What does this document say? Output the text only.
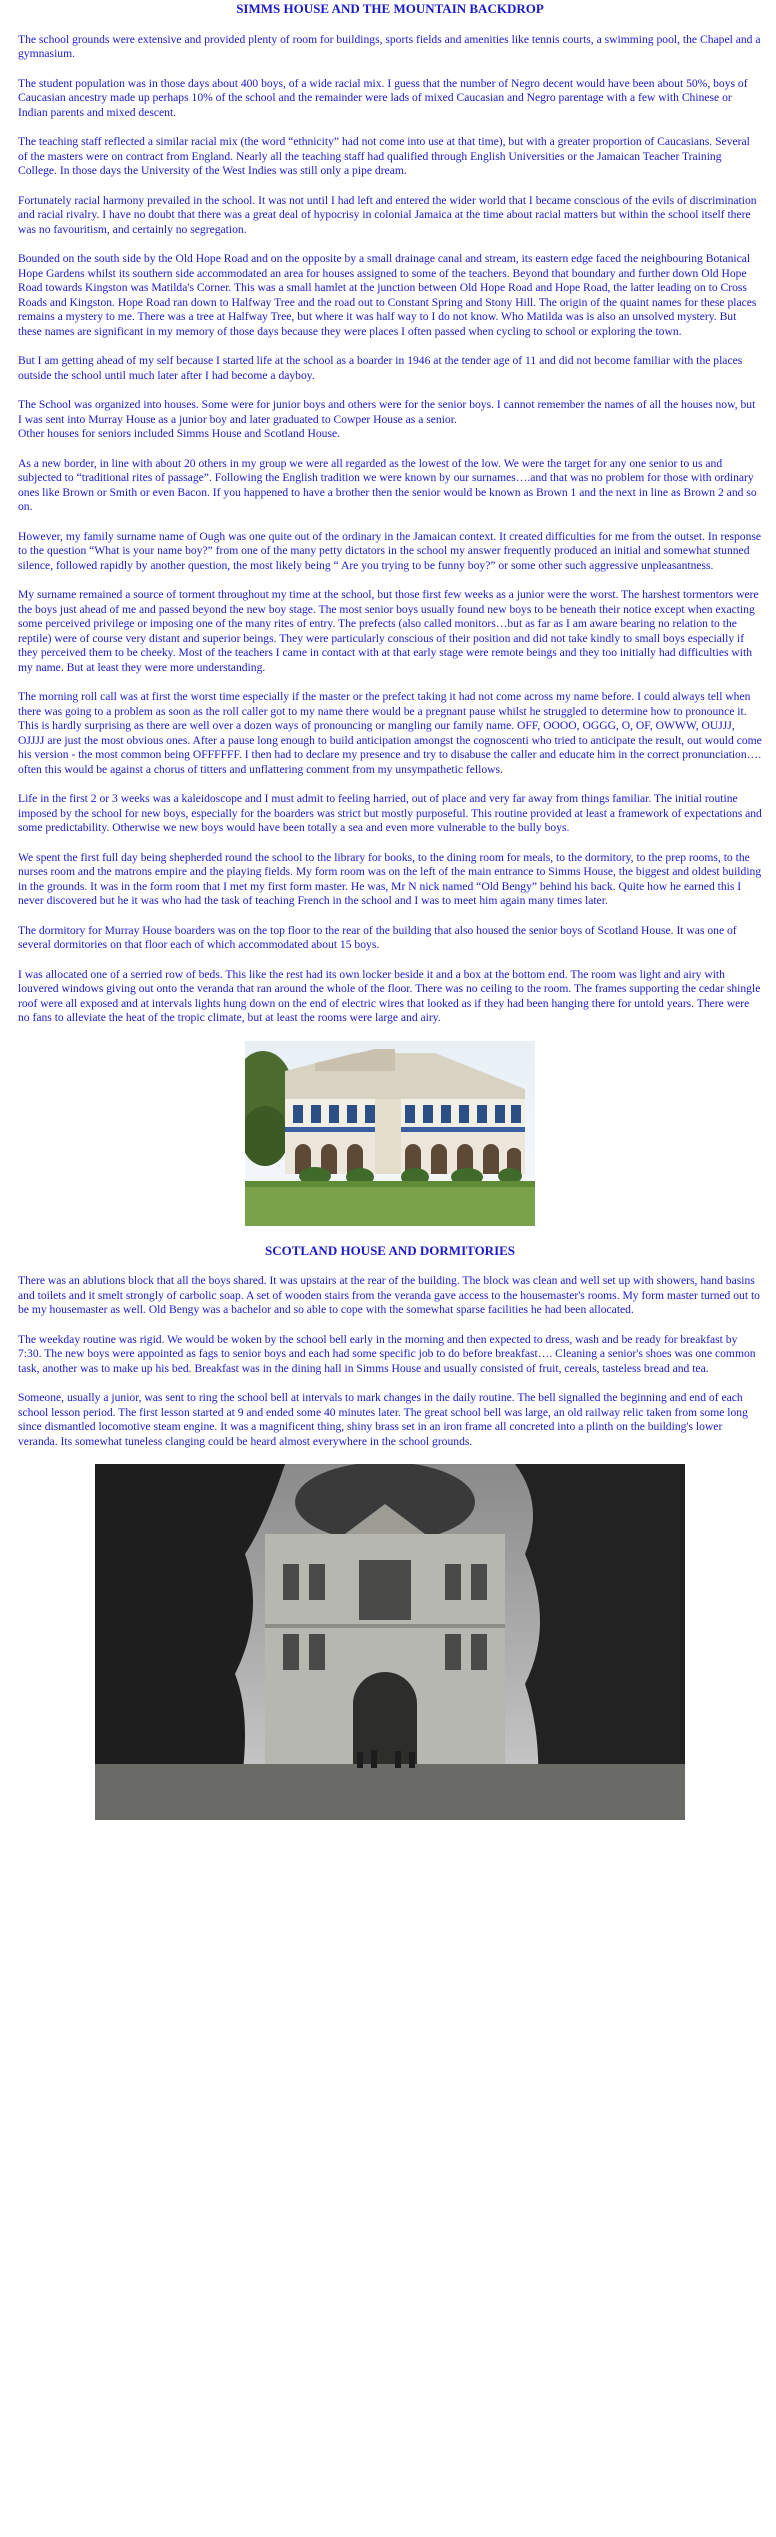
SIMMS HOUSE AND THE MOUNTAIN BACKDROP

The school grounds were extensive and provided plenty of room for buildings, sports fields and amenities like tennis courts, a swimming pool, the Chapel and a gymnasium.

The student population was in those days about 400 boys, of a wide racial mix. I guess that the number of Negro decent would have been about 50%, boys of Caucasian ancestry made up perhaps 10% of the school and the remainder were lads of mixed Caucasian and Negro parentage with a few with Chinese or Indian parents and mixed descent.

The teaching staff reflected a similar racial mix (the word “ethnicity” had not come into use at that time), but with a greater proportion of Caucasians. Several of the masters were on contract from England. Nearly all the teaching staff had qualified through English Universities or the Jamaican Teacher Training College. In those days the University of the West Indies was still only a pipe dream.

Fortunately racial harmony prevailed in the school. It was not until I had left and entered the wider world that I became conscious of the evils of discrimination and racial rivalry. I have no doubt that there was a great deal of hypocrisy in colonial Jamaica at the time about racial matters but within the school itself there was no favouritism, and certainly no segregation.

Bounded on the south side by the Old Hope Road and on the opposite by a small drainage canal and stream, its eastern edge faced the neighbouring Botanical Hope Gardens whilst its southern side accommodated an area for houses assigned to some of the teachers. Beyond that boundary and further down Old Hope Road towards Kingston was Matilda's Corner. This was a small hamlet at the junction between Old Hope Road and Hope Road, the latter leading on to Cross Roads and Kingston. Hope Road ran down to Halfway Tree and the road out to Constant Spring and Stony Hill. The origin of the quaint names for these places remains a mystery to me. There was a tree at Halfway Tree, but where it was half way to I do not know. Who Matilda was is also an unsolved mystery. But these names are significant in my memory of those days because they were places I often passed when cycling to school or exploring the town.

But I am getting ahead of my self because I started life at the school as a boarder in 1946 at the tender age of 11 and did not become familiar with the places outside the school until much later after I had become a dayboy.

The School was organized into houses. Some were for junior boys and others were for the senior boys. I cannot remember the names of all the houses now, but I was sent into Murray House as a junior boy and later graduated to Cowper House as a senior.
Other houses for seniors included Simms House and Scotland House.

As a new border, in line with about 20 others in my group we were all regarded as the lowest of the low. We were the target for any one senior to us and subjected to “traditional rites of passage”. Following the English tradition we were known by our surnames….and that was no problem for those with ordinary ones like Brown or Smith or even Bacon. If you happened to have a brother then the senior would be known as Brown 1 and the next in line as Brown 2 and so on.

However, my family surname name of Ough was one quite out of the ordinary in the Jamaican context. It created difficulties for me from the outset. In response to the question “What is your name boy?” from one of the many petty dictators in the school my answer frequently produced an initial and somewhat stunned silence, followed rapidly by another question, the most likely being “ Are you trying to be funny boy?” or some other such aggressive unpleasantness.

My surname remained a source of torment throughout my time at the school, but those first few weeks as a junior were the worst. The harshest tormentors were the boys just ahead of me and passed beyond the new boy stage. The most senior boys usually found new boys to be beneath their notice except when exacting some perceived privilege or imposing one of the many rites of entry. The prefects (also called monitors…but as far as I am aware bearing no relation to the reptile) were of course very distant and superior beings. They were particularly conscious of their position and did not take kindly to small boys especially if they perceived them to be cheeky. Most of the teachers I came in contact with at that early stage were remote beings and they too initially had difficulties with my name. But at least they were more understanding.

The morning roll call was at first the worst time especially if the master or the prefect taking it had not come across my name before. I could always tell when there was going to a problem as soon as the roll caller got to my name there would be a pregnant pause whilst he struggled to determine how to pronounce it. This is hardly surprising as there are well over a dozen ways of pronouncing or mangling our family name. OFF, OOOO, OGGG, O, OF, OWWW, OUJJJ, OJJJJ are just the most obvious ones. After a pause long enough to build anticipation amongst the cognoscenti who tried to anticipate the result, out would come his version - the most common being OFFFFFF. I then had to declare my presence and try to disabuse the caller and educate him in the correct pronunciation…. often this would be against a chorus of titters and unflattering comment from my unsympathetic fellows.

Life in the first 2 or 3 weeks was a kaleidoscope and I must admit to feeling harried, out of place and very far away from things familiar. The initial routine imposed by the school for new boys, especially for the boarders was strict but mostly purposeful. This routine provided at least a framework of expectations and some predictability. Otherwise we new boys would have been totally a sea and even more vulnerable to the bully boys.

We spent the first full day being shepherded round the school to the library for books, to the dining room for meals, to the dormitory, to the prep rooms, to the nurses room and the matrons empire and the playing fields. My form room was on the left of the main entrance to Simms House, the biggest and oldest building in the grounds. It was in the form room that I met my first form master. He was, Mr N nick named “Old Bengy” behind his back. Quite how he earned this I never discovered but he it was who had the task of teaching French in the school and I was to meet him again many times later.

The dormitory for Murray House boarders was on the top floor to the rear of the building that also housed the senior boys of Scotland House. It was one of several dormitories on that floor each of which accommodated about 15 boys.

I was allocated one of a serried row of beds. This like the rest had its own locker beside it and a box at the bottom end. The room was light and airy with louvered windows giving out onto the veranda that ran around the whole of the floor. There was no ceiling to the room. The frames supporting the cedar shingle roof were all exposed and at intervals lights hung down on the end of electric wires that looked as if they had been hanging there for untold years. There were no fans to alleviate the heat of the tropic climate, but at least the rooms were large and airy.

SCOTLAND HOUSE AND DORMITORIES

There was an ablutions block that all the boys shared. It was upstairs at the rear of the building. The block was clean and well set up with showers, hand basins and toilets and it smelt strongly of carbolic soap. A set of wooden stairs from the veranda gave access to the housemaster's rooms. My form master turned out to be my housemaster as well. Old Bengy was a bachelor and so able to cope with the somewhat sparse facilities he had been allocated.

The weekday routine was rigid. We would be woken by the school bell early in the morning and then expected to dress, wash and be ready for breakfast by 7:30. The new boys were appointed as fags to senior boys and each had some specific job to do before breakfast…. Cleaning a senior's shoes was one common task, another was to make up his bed. Breakfast was in the dining hall in Simms House and usually consisted of fruit, cereals, tasteless bread and tea.

Someone, usually a junior, was sent to ring the school bell at intervals to mark changes in the daily routine. The bell signalled the beginning and end of each school lesson period. The first lesson started at 9 and ended some 40 minutes later. The great school bell was large, an old railway relic taken from some long since dismantled locomotive steam engine. It was a magnificent thing, shiny brass set in an iron frame all concreted into a plinth on the building's lower veranda. Its somewhat tuneless clanging could be heard almost everywhere in the school grounds.
